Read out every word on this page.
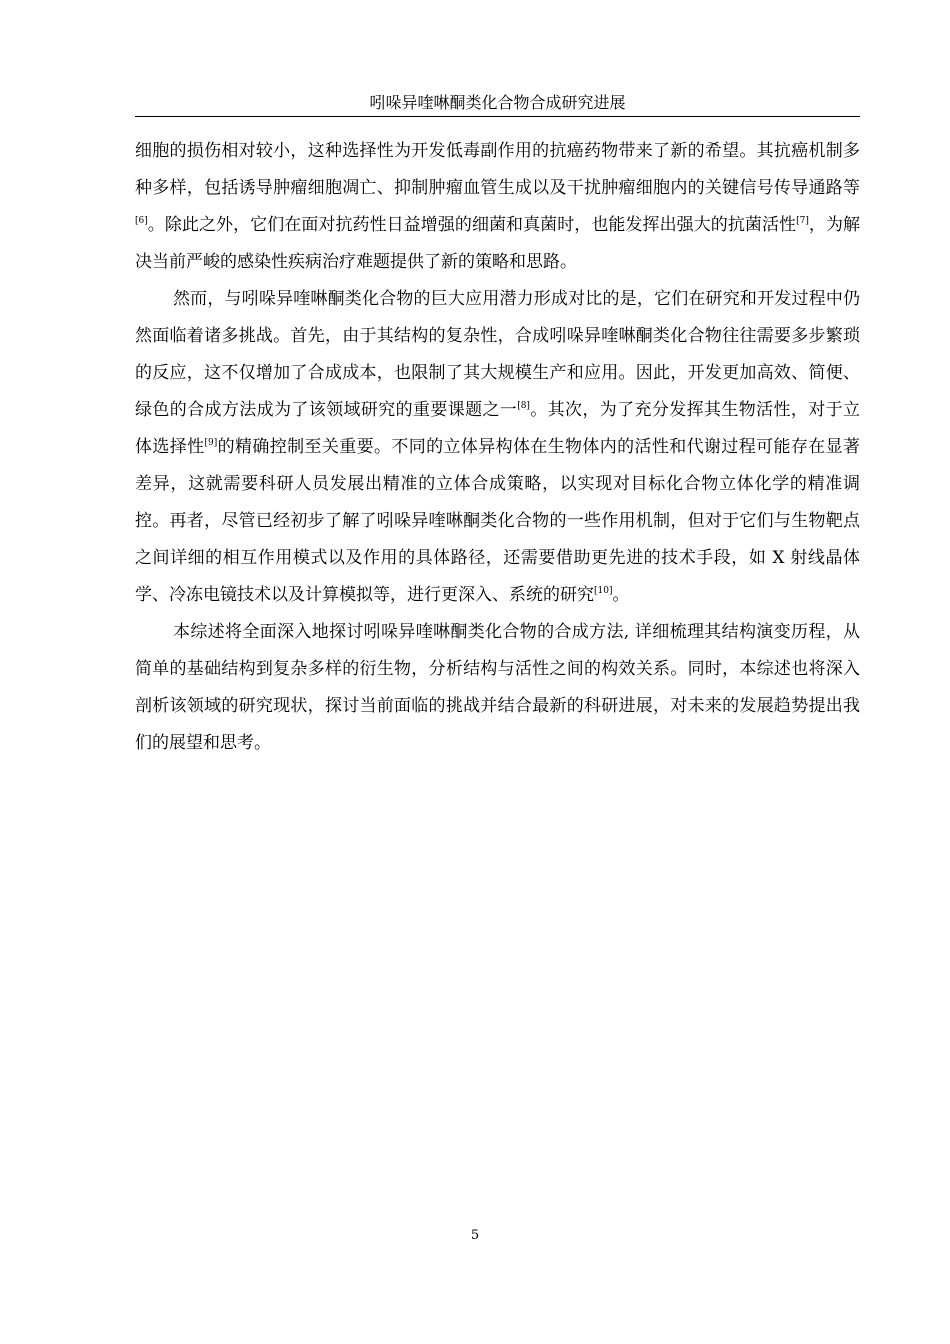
吲哚异喹啉酮类化合物合成研究进展

细胞的损伤相对较小，这种选择性为开发低毒副作用的抗癌药物带来了新的希望。其抗癌机制多种多样，包括诱导肿瘤细胞凋亡、抑制肿瘤血管生成以及干扰肿瘤细胞内的关键信号传导通路等[6]。除此之外，它们在面对抗药性日益增强的细菌和真菌时，也能发挥出强大的抗菌活性[7]，为解决当前严峻的感染性疾病治疗难题提供了新的策略和思路。

然而，与吲哚异喹啉酮类化合物的巨大应用潜力形成对比的是，它们在研究和开发过程中仍然面临着诸多挑战。首先，由于其结构的复杂性，合成吲哚异喹啉酮类化合物往往需要多步繁琐的反应，这不仅增加了合成成本，也限制了其大规模生产和应用。因此，开发更加高效、简便、绿色的合成方法成为了该领域研究的重要课题之一[8]。其次，为了充分发挥其生物活性，对于立体选择性[9]的精确控制至关重要。不同的立体异构体在生物体内的活性和代谢过程可能存在显著差异，这就需要科研人员发展出精准的立体合成策略，以实现对目标化合物立体化学的精准调控。再者，尽管已经初步了解了吲哚异喹啉酮类化合物的一些作用机制，但对于它们与生物靶点之间详细的相互作用模式以及作用的具体路径，还需要借助更先进的技术手段，如 X 射线晶体学、冷冻电镜技术以及计算模拟等，进行更深入、系统的研究[10]。

本综述将全面深入地探讨吲哚异喹啉酮类化合物的合成方法, 详细梳理其结构演变历程，从简单的基础结构到复杂多样的衍生物，分析结构与活性之间的构效关系。同时，本综述也将深入剖析该领域的研究现状，探讨当前面临的挑战并结合最新的科研进展，对未来的发展趋势提出我们的展望和思考。

5
